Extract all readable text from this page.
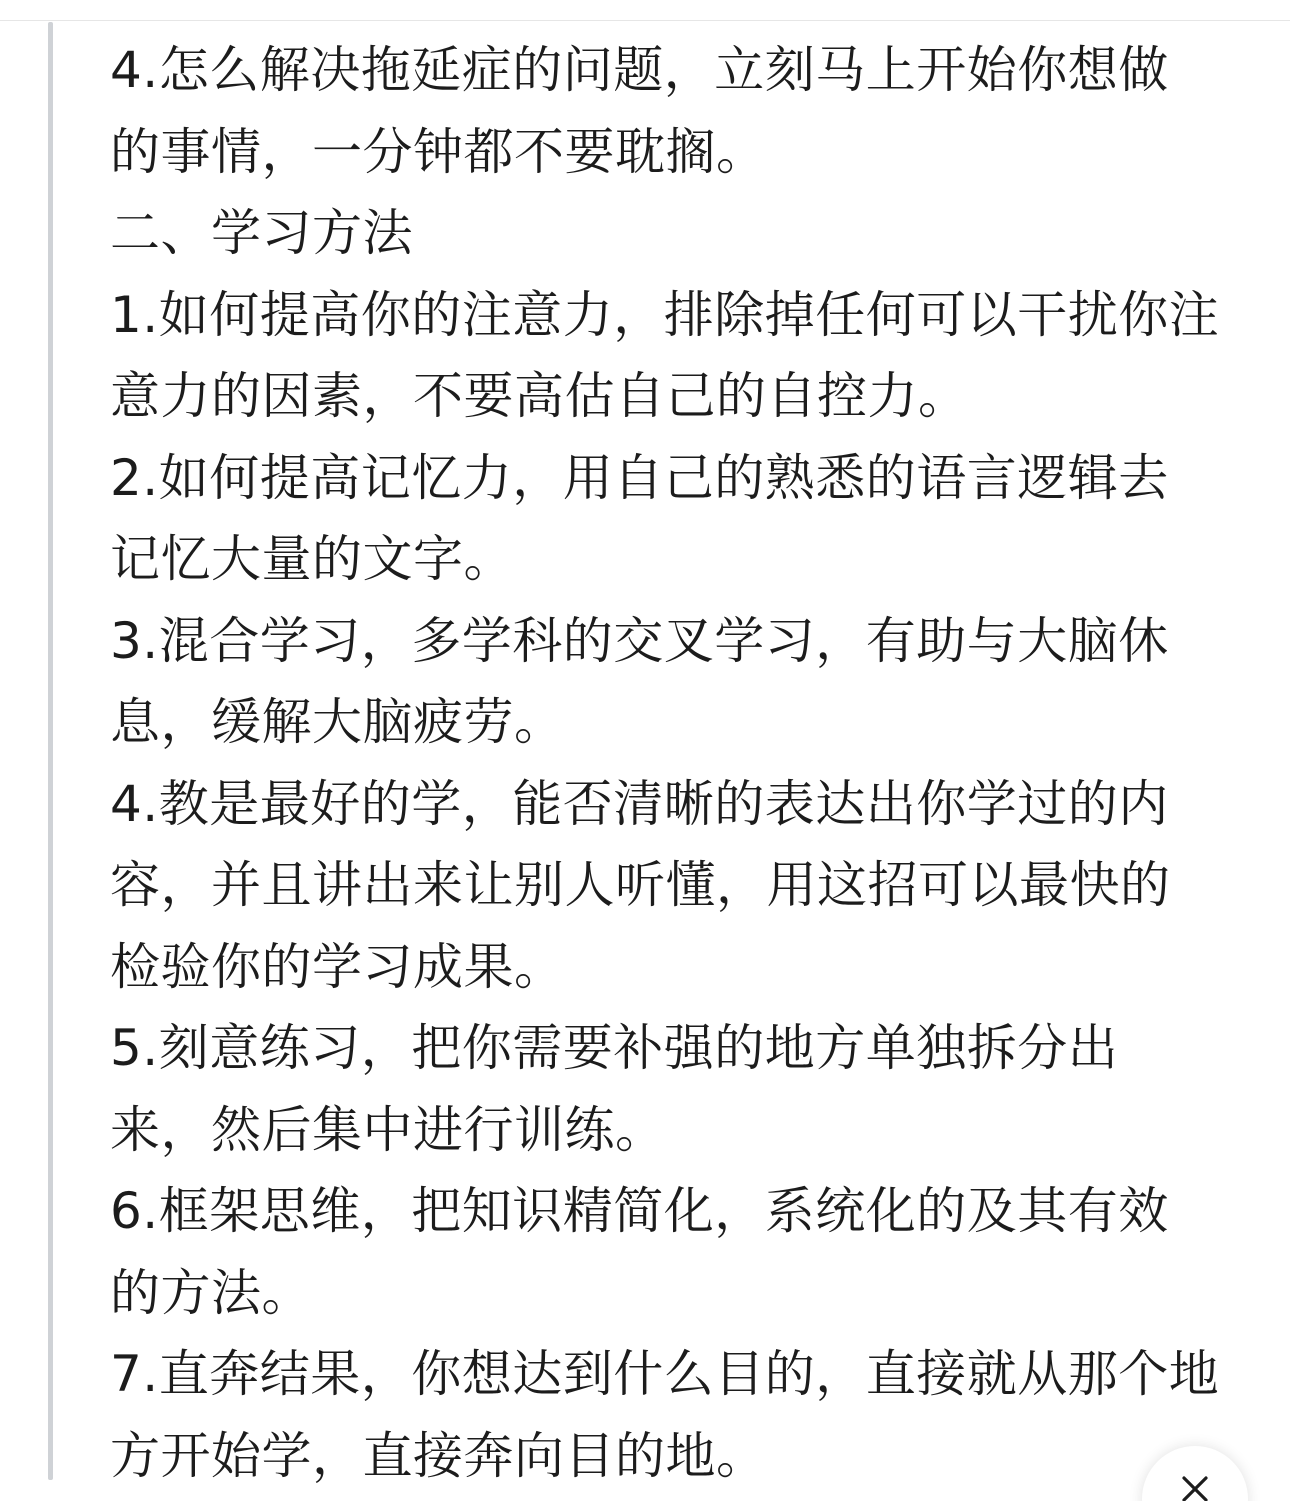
4.怎么解决拖延症的问题，立刻马上开始你想做
的事情，一分钟都不要耽搁。
二、学习方法
1.如何提高你的注意力，排除掉任何可以干扰你注
意力的因素，不要高估自己的自控力。
2.如何提高记忆力，用自己的熟悉的语言逻辑去
记忆大量的文字。
3.混合学习，多学科的交叉学习，有助与大脑休
息，缓解大脑疲劳。
4.教是最好的学，能否清晰的表达出你学过的内
容，并且讲出来让别人听懂，用这招可以最快的
检验你的学习成果。
5.刻意练习，把你需要补强的地方单独拆分出
来，然后集中进行训练。
6.框架思维，把知识精简化，系统化的及其有效
的方法。
7.直奔结果，你想达到什么目的，直接就从那个地
方开始学，直接奔向目的地。
